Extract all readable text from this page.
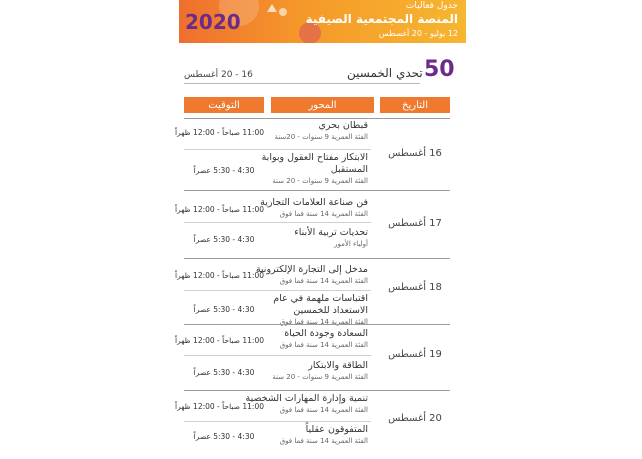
2020
جدول فعاليات
المنصة المجتمعية الصيفية
12 يوليو - 20 أغسطس
16 - 20 أغسطس	تحدي الخمسين 50
التاريخ
المحور
التوقيت
16 أغسطس
قبطان بحري
الفئة العمرية 9 سنوات - 20سنة
11:00 صباحاً - 12:00 ظهراً
الابتكار مفتاح العقول وبوابة المستقبل
الفئة العمرية 9 سنوات - 20 سنة
4:30 - 5:30 عصراً
17 أغسطس
فن صناعة العلامات التجارية
الفئة العمرية 14 سنة فما فوق
11:00 صباحاً - 12:00 ظهراً
تحديات تربية الأبناء
أولياء الأمور
4:30 - 5:30 عصراً
18 أغسطس
مدخل إلى التجارة الإلكترونية
الفئة العمرية 14 سنة فما فوق
11:00 صباحاً - 12:00 ظهراً
اقتباسات ملهمة في عام الاستعداد للخمسين
الفئة العمرية 14 سنة فما فوق
4:30 - 5:30 عصراً
19 أغسطس
السعادة وجودة الحياة
الفئة العمرية 14 سنة فما فوق
11:00 صباحاً - 12:00 ظهراً
الطاقة والابتكار
الفئة العمرية 9 سنوات - 20 سنة
4:30 - 5:30 عصراً
20 أغسطس
تنمية وإدارة المهارات الشخصية
الفئة العمرية 14 سنة فما فوق
11:00 صباحاً - 12:00 ظهراً
المتفوقون عقلياً
الفئة العمرية 14 سنة فما فوق
4:30 - 5:30 عصراً
